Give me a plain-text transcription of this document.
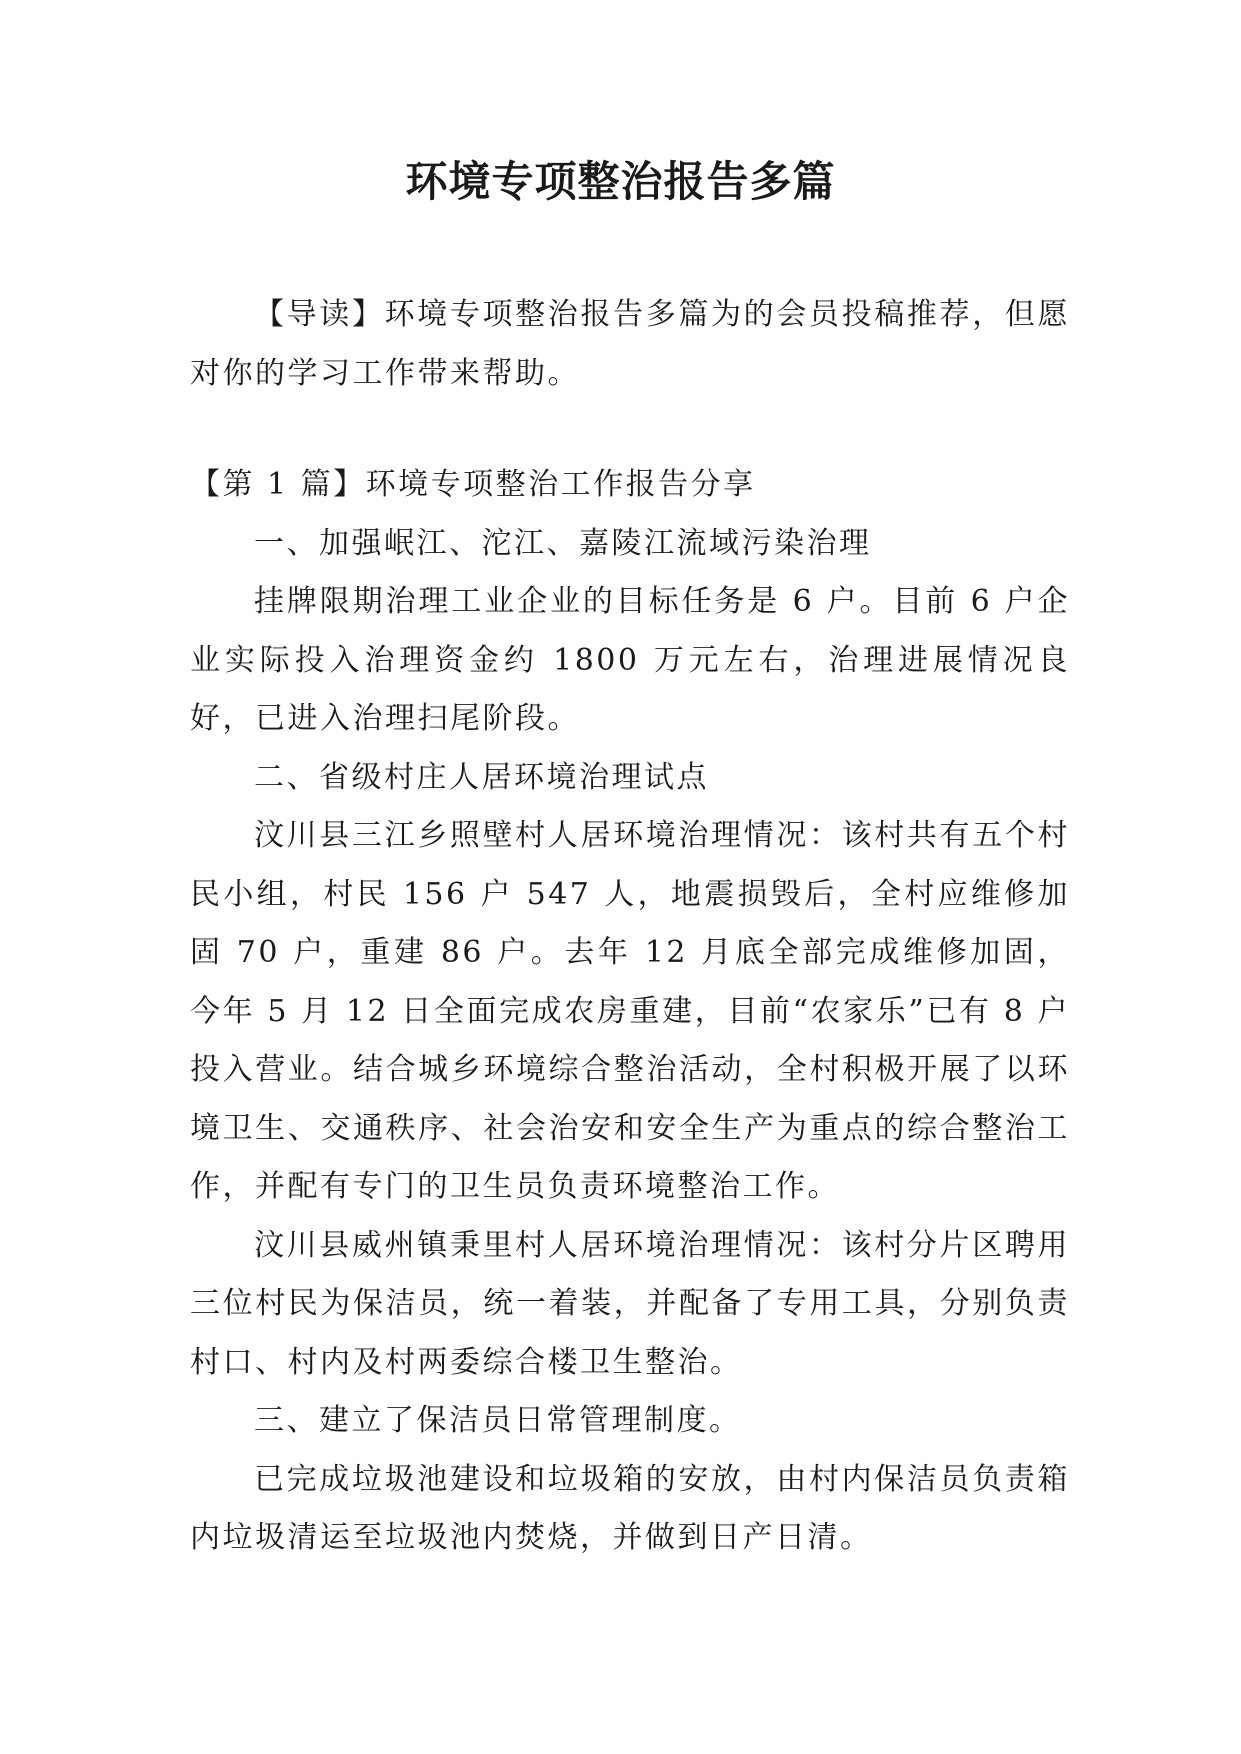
环境专项整治报告多篇

【导读】环境专项整治报告多篇为的会员投稿推荐，但愿对你的学习工作带来帮助。

【第 1 篇】环境专项整治工作报告分享

一、加强岷江、沱江、嘉陵江流域污染治理

挂牌限期治理工业企业的目标任务是 6 户。目前 6 户企业实际投入治理资金约 1800 万元左右，治理进展情况良好，已进入治理扫尾阶段。

二、省级村庄人居环境治理试点

汶川县三江乡照壁村人居环境治理情况：该村共有五个村民小组，村民 156 户 547 人，地震损毁后，全村应维修加固 70 户，重建 86 户。去年 12 月底全部完成维修加固，今年 5 月 12 日全面完成农房重建，目前“农家乐”已有 8 户投入营业。结合城乡环境综合整治活动，全村积极开展了以环境卫生、交通秩序、社会治安和安全生产为重点的综合整治工作，并配有专门的卫生员负责环境整治工作。

汶川县威州镇秉里村人居环境治理情况：该村分片区聘用三位村民为保洁员，统一着装，并配备了专用工具，分别负责村口、村内及村两委综合楼卫生整治。

三、建立了保洁员日常管理制度。

已完成垃圾池建设和垃圾箱的安放，由村内保洁员负责箱内垃圾清运至垃圾池内焚烧，并做到日产日清。
